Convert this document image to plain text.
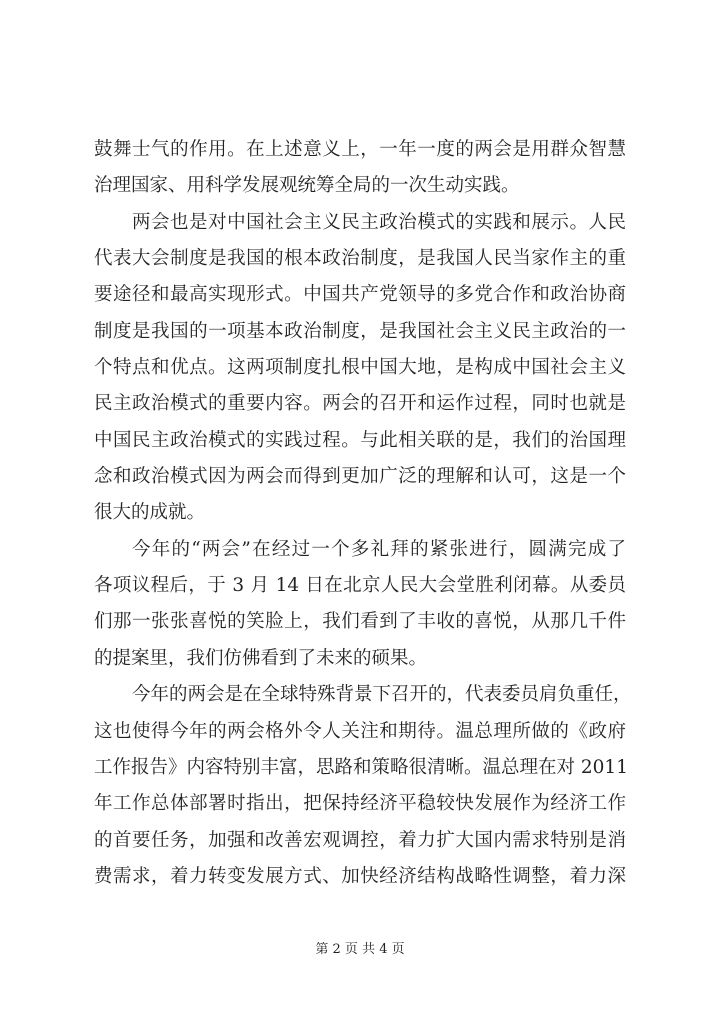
鼓舞士气的作用。在上述意义上，一年一度的两会是用群众智慧
治理国家、用科学发展观统筹全局的一次生动实践。
两会也是对中国社会主义民主政治模式的实践和展示。人民
代表大会制度是我国的根本政治制度，是我国人民当家作主的重
要途径和最高实现形式。中国共产党领导的多党合作和政治协商
制度是我国的一项基本政治制度，是我国社会主义民主政治的一
个特点和优点。这两项制度扎根中国大地，是构成中国社会主义
民主政治模式的重要内容。两会的召开和运作过程，同时也就是
中国民主政治模式的实践过程。与此相关联的是，我们的治国理
念和政治模式因为两会而得到更加广泛的理解和认可，这是一个
很大的成就。
今年的“两会”在经过一个多礼拜的紧张进行，圆满完成了
各项议程后，于 3 月 14 日在北京人民大会堂胜利闭幕。从委员
们那一张张喜悦的笑脸上，我们看到了丰收的喜悦，从那几千件
的提案里，我们仿佛看到了未来的硕果。
今年的两会是在全球特殊背景下召开的，代表委员肩负重任，
这也使得今年的两会格外令人关注和期待。温总理所做的《政府
工作报告》内容特别丰富，思路和策略很清晰。温总理在对 2011
年工作总体部署时指出，把保持经济平稳较快发展作为经济工作
的首要任务，加强和改善宏观调控，着力扩大国内需求特别是消
费需求，着力转变发展方式、加快经济结构战略性调整，着力深
第 2 页 共 4 页
